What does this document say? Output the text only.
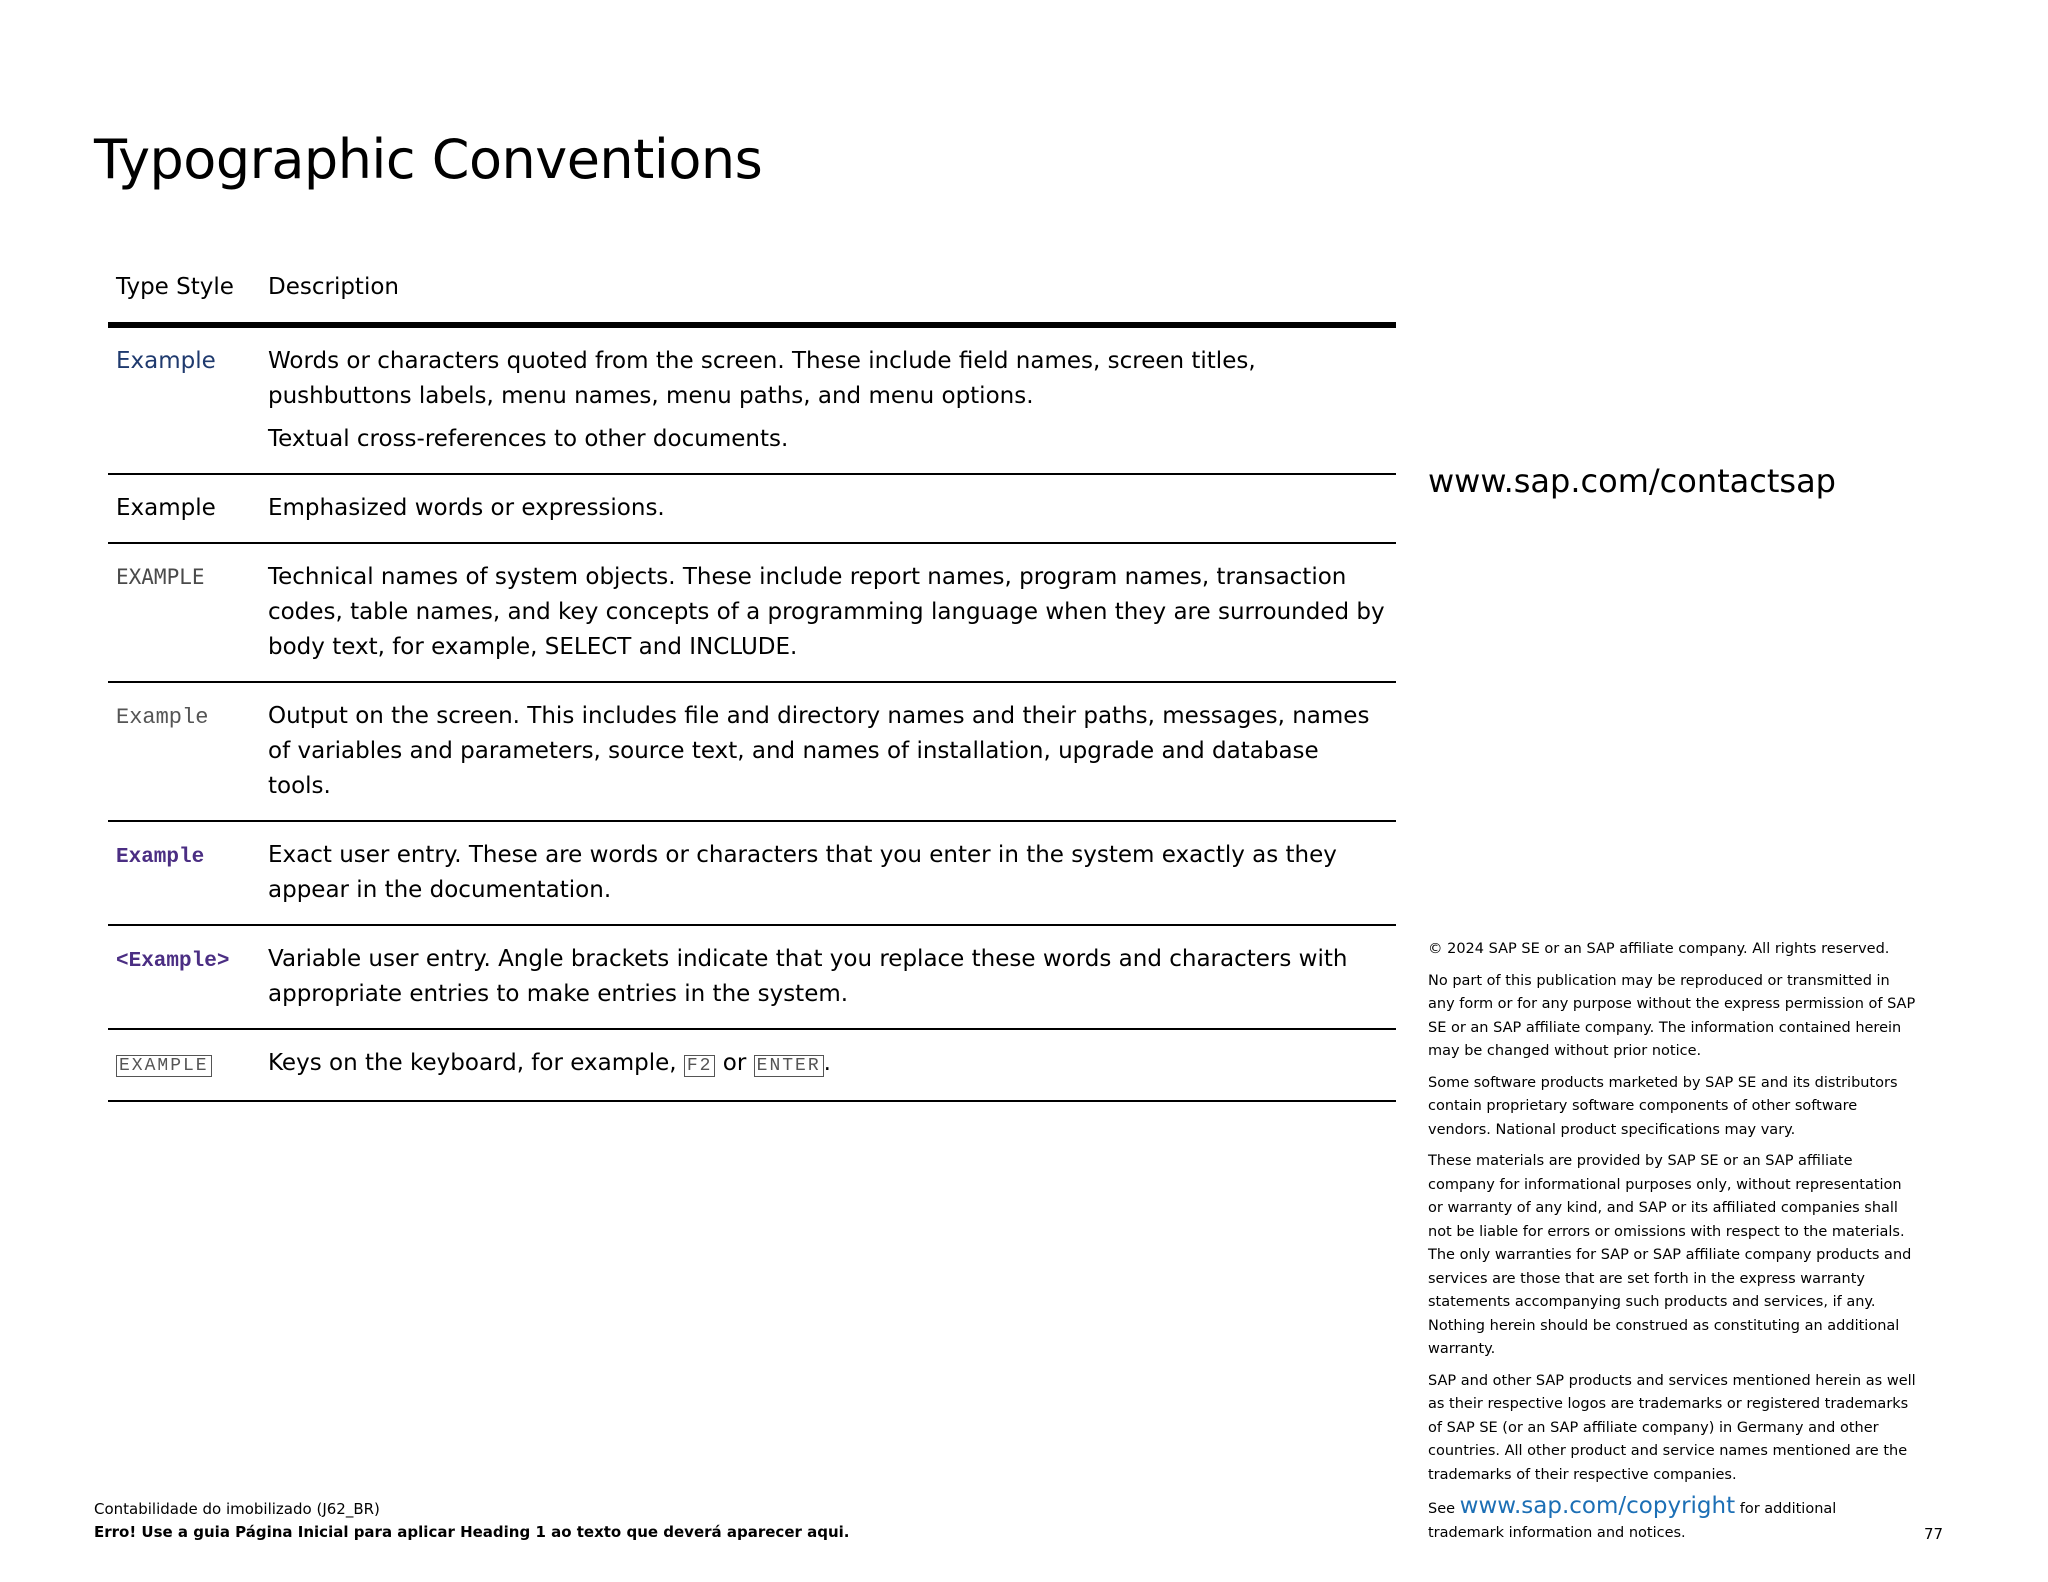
Typographic Conventions
Type Style	Description
Example	Words or characters quoted from the screen. These include field names, screen titles, pushbuttons labels, menu names, menu paths, and menu options.

Textual cross-references to other documents.

Example	Emphasized words or expressions.

EXAMPLE	Technical names of system objects. These include report names, program names, transaction codes, table names, and key concepts of a programming language when they are surrounded by body text, for example, SELECT and INCLUDE.

Example	Output on the screen. This includes file and directory names and their paths, messages, names of variables and parameters, source text, and names of installation, upgrade and database tools.

Example	Exact user entry. These are words or characters that you enter in the system exactly as they appear in the documentation.

<Example>	Variable user entry. Angle brackets indicate that you replace these words and characters with appropriate entries to make entries in the system.

EXAMPLE	Keys on the keyboard, for example, F2 or ENTER .

www.sap.com/contactsap

© 2024 SAP SE or an SAP affiliate company. All rights reserved.

No part of this publication may be reproduced or transmitted in any form or for any purpose without the express permission of SAP SE or an SAP affiliate company. The information contained herein may be changed without prior notice.

Some software products marketed by SAP SE and its distributors contain proprietary software components of other software vendors. National product specifications may vary.

These materials are provided by SAP SE or an SAP affiliate company for informational purposes only, without representation or warranty of any kind, and SAP or its affiliated companies shall not be liable for errors or omissions with respect to the materials. The only warranties for SAP or SAP affiliate company products and services are those that are set forth in the express warranty statements accompanying such products and services, if any. Nothing herein should be construed as constituting an additional warranty.

SAP and other SAP products and services mentioned herein as well as their respective logos are trademarks or registered trademarks of SAP SE (or an SAP affiliate company) in Germany and other countries. All other product and service names mentioned are the trademarks of their respective companies.

See www.sap.com/copyright for additional trademark information and notices.

Contabilidade do imobilizado (J62_BR)
Erro! Use a guia Página Inicial para aplicar Heading 1 ao texto que deverá aparecer aqui.	77
